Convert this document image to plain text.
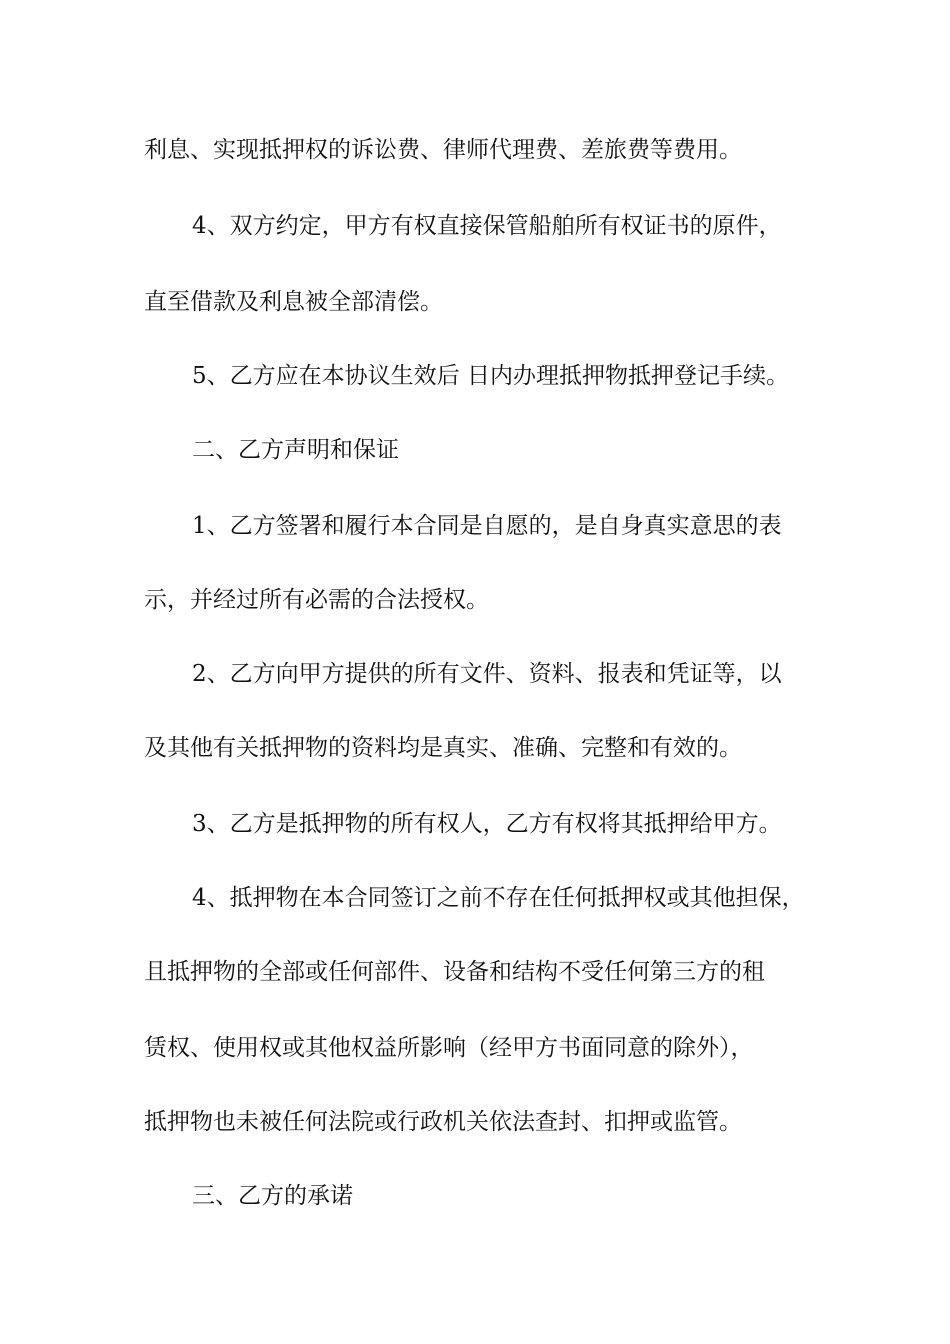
利息、实现抵押权的诉讼费、律师代理费、差旅费等费用。
4、双方约定，甲方有权直接保管船舶所有权证书的原件，
直至借款及利息被全部清偿。
5、乙方应在本协议生效后 日内办理抵押物抵押登记手续。
二、乙方声明和保证
1、乙方签署和履行本合同是自愿的，是自身真实意思的表
示，并经过所有必需的合法授权。
2、乙方向甲方提供的所有文件、资料、报表和凭证等，以
及其他有关抵押物的资料均是真实、准确、完整和有效的。
3、乙方是抵押物的所有权人，乙方有权将其抵押给甲方。
4、抵押物在本合同签订之前不存在任何抵押权或其他担保，
且抵押物的全部或任何部件、设备和结构不受任何第三方的租
赁权、使用权或其他权益所影响（经甲方书面同意的除外），
抵押物也未被任何法院或行政机关依法查封、扣押或监管。
三、乙方的承诺
